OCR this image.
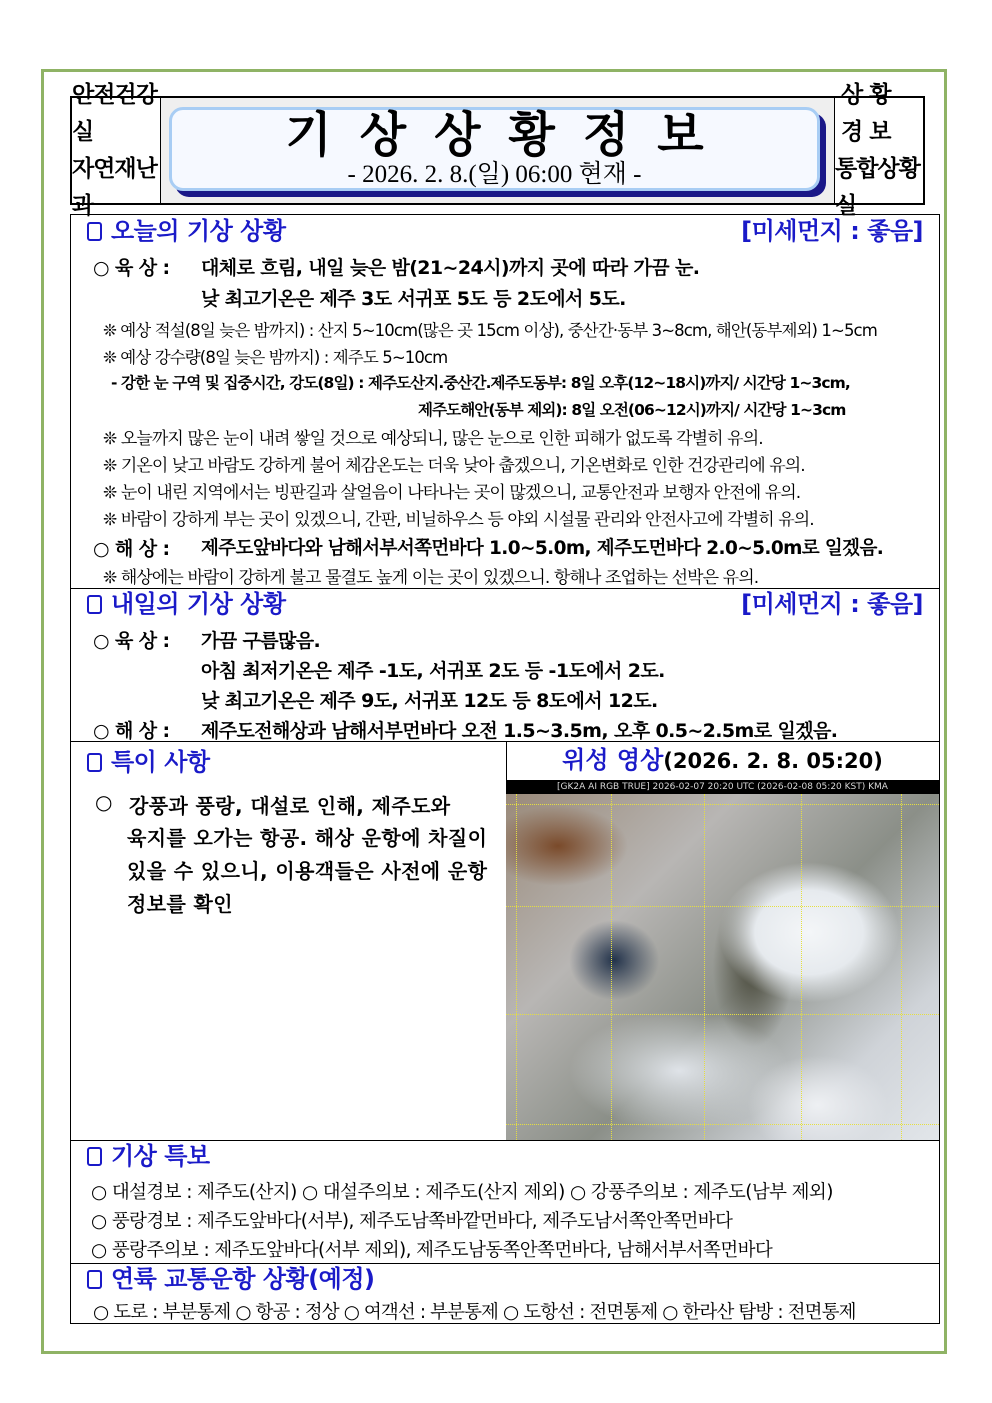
안전건강실
자연재난과
기상상황정보
- 2026. 2. 8.(일) 06:00 현재 -
상황경보
통합상황실
오늘의 기상 상황	[미세먼지 : 좋음]
○ 육 상 : 대체로 흐림, 내일 늦은 밤(21~24시)까지 곳에 따라 가끔 눈.
낮 최고기온은 제주 3도 서귀포 5도 등 2도에서 5도.
❊ 예상 적설(8일 늦은 밤까지) : 산지 5~10cm(많은 곳 15cm 이상), 중산간·동부 3~8cm, 해안(동부제외) 1~5cm
❊ 예상 강수량(8일 늦은 밤까지) : 제주도 5~10cm
- 강한 눈 구역 및 집중시간, 강도(8일) : 제주도산지.중산간.제주도동부: 8일 오후(12~18시)까지/ 시간당 1~3cm,
제주도해안(동부 제외): 8일 오전(06~12시)까지/ 시간당 1~3cm
❊ 오늘까지 많은 눈이 내려 쌓일 것으로 예상되니, 많은 눈으로 인한 피해가 없도록 각별히 유의.
❊ 기온이 낮고 바람도 강하게 불어 체감온도는 더욱 낮아 춥겠으니, 기온변화로 인한 건강관리에 유의.
❊ 눈이 내린 지역에서는 빙판길과 살얼음이 나타나는 곳이 많겠으니, 교통안전과 보행자 안전에 유의.
❊ 바람이 강하게 부는 곳이 있겠으니, 간판, 비닐하우스 등 야외 시설물 관리와 안전사고에 각별히 유의.
○ 해 상 : 제주도앞바다와 남해서부서쪽먼바다 1.0~5.0m, 제주도먼바다 2.0~5.0m로 일겠음.
❊ 해상에는 바람이 강하게 불고 물결도 높게 이는 곳이 있겠으니. 항해나 조업하는 선박은 유의.
내일의 기상 상황	[미세먼지 : 좋음]
○ 육 상 : 가끔 구름많음.
아침 최저기온은 제주 -1도, 서귀포 2도 등 -1도에서 2도.
낮 최고기온은 제주 9도, 서귀포 12도 등 8도에서 12도.
○ 해 상 : 제주도전해상과 남해서부먼바다 오전 1.5~3.5m, 오후 0.5~2.5m로 일겠음.
특이 사항
○ 강풍과 풍랑, 대설로 인해, 제주도와
육지를 오가는 항공. 해상 운항에 차질이
있을 수 있으니, 이용객들은 사전에 운항
정보를 확인
위성 영상(2026. 2. 8. 05:20)
[GK2A AI RGB TRUE] 2026-02-07 20:20 UTC (2026-02-08 05:20 KST) KMA
기상 특보
○ 대설경보 : 제주도(산지) ○ 대설주의보 : 제주도(산지 제외) ○ 강풍주의보 : 제주도(남부 제외)
○ 풍랑경보 : 제주도앞바다(서부), 제주도남쪽바깥먼바다, 제주도남서쪽안쪽먼바다
○ 풍랑주의보 : 제주도앞바다(서부 제외), 제주도남동쪽안쪽먼바다, 남해서부서쪽먼바다
연륙 교통운항 상황(예정)
○ 도로 : 부분통제 ○ 항공 : 정상 ○ 여객선 : 부분통제 ○ 도항선 : 전면통제 ○ 한라산 탐방 : 전면통제
